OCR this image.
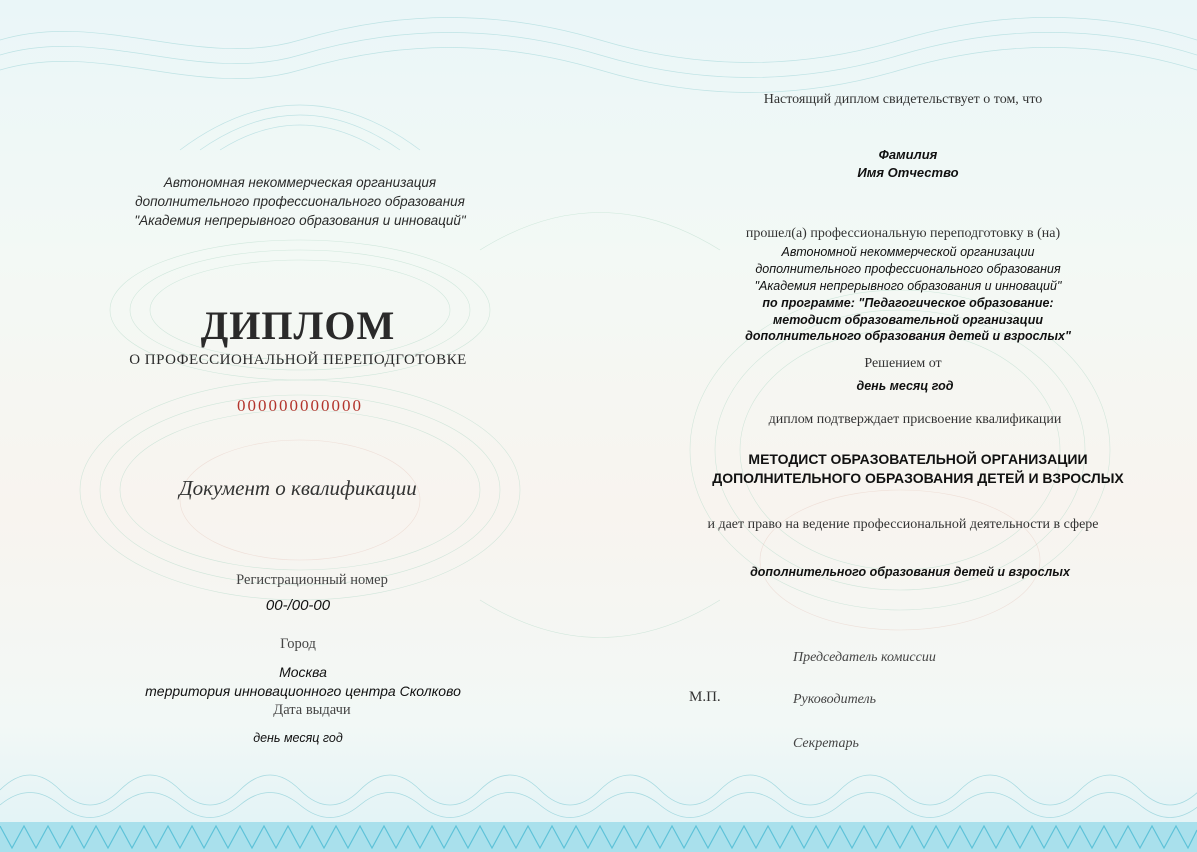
Автономная некоммерческая организация
дополнительного профессионального образования
"Академия непрерывного образования и инноваций"
ДИПЛОМ
О ПРОФЕССИОНАЛЬНОЙ ПЕРЕПОДГОТОВКЕ
000000000000
Документ о квалификации
Регистрационный номер
00-/00-00
Город
Москва
территория инновационного центра Сколково
Дата выдачи
день месяц год
Настоящий диплом свидетельствует о том, что
Фамилия
Имя Отчество
прошел(а) профессиональную переподготовку в (на)
Автономной некоммерческой организации
дополнительного профессионального образования
"Академия непрерывного образования и инноваций"
по программе: "Педагогическое образование:
методист образовательной организации
дополнительного образования детей и взрослых"
Решением от
день месяц год
диплом подтверждает присвоение квалификации
МЕТОДИСТ ОБРАЗОВАТЕЛЬНОЙ ОРГАНИЗАЦИИ
ДОПОЛНИТЕЛЬНОГО ОБРАЗОВАНИЯ ДЕТЕЙ И ВЗРОСЛЫХ
и дает право на ведение профессиональной деятельности в сфере
дополнительного образования детей и взрослых
Председатель комиссии
М.П.	Руководитель
Секретарь
